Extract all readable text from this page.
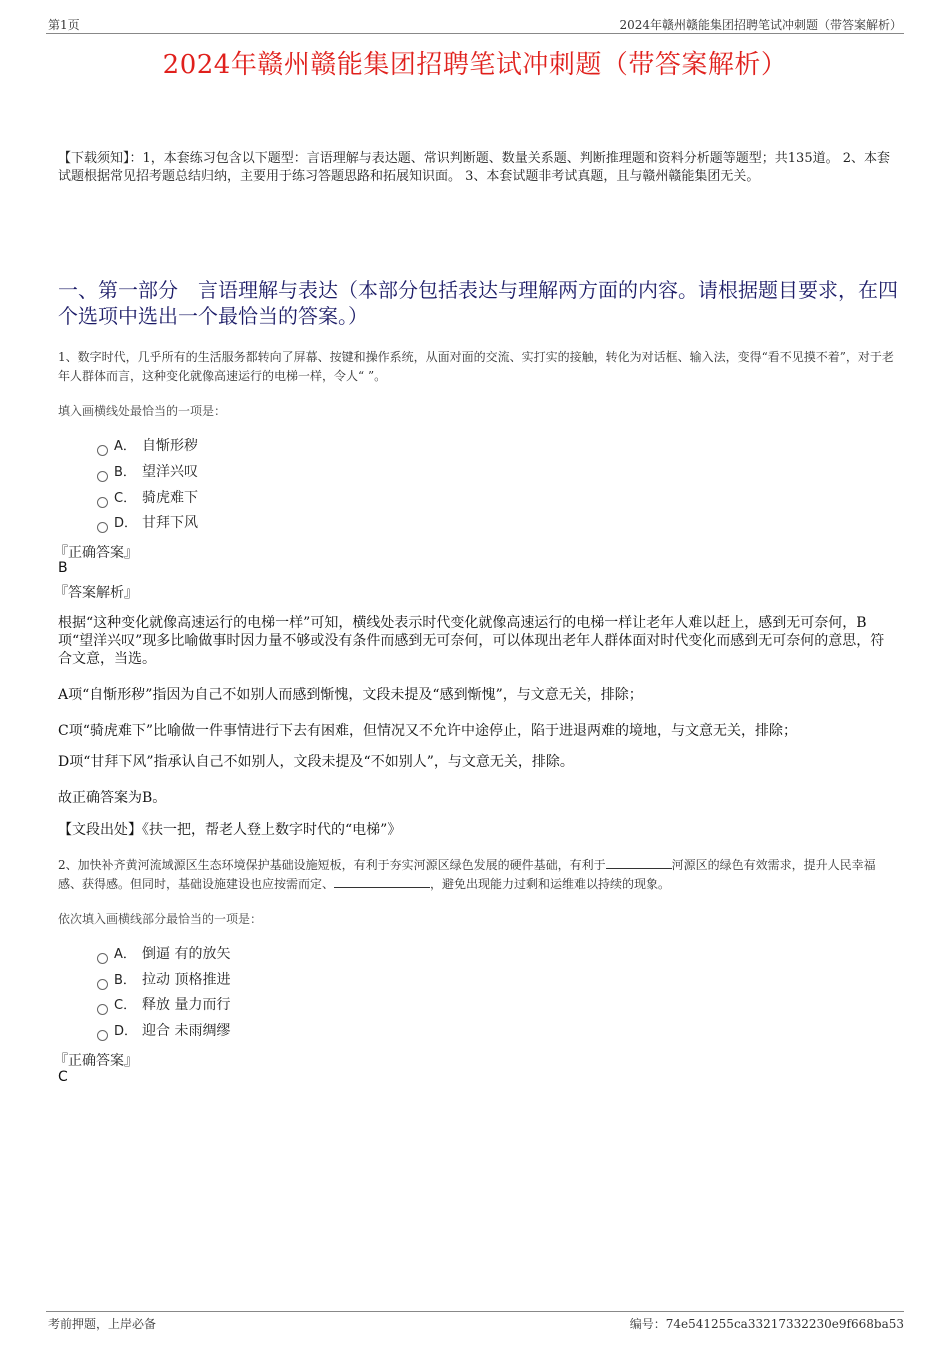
第1页	2024年赣州赣能集团招聘笔试冲刺题（带答案解析）
2024年赣州赣能集团招聘笔试冲刺题（带答案解析）
【下载须知】：1，本套练习包含以下题型：言语理解与表达题、常识判断题、数量关系题、判断推理题和资料分析题等题型；共135道。 2、本套试题根据常见招考题总结归纳，主要用于练习答题思路和拓展知识面。 3、本套试题非考试真题，且与赣州赣能集团无关。
一、第一部分　言语理解与表达（本部分包括表达与理解两方面的内容。请根据题目要求，在四个选项中选出一个最恰当的答案。）
1、数字时代，几乎所有的生活服务都转向了屏幕、按键和操作系统，从面对面的交流、实打实的接触，转化为对话框、输入法，变得“看不见摸不着”，对于老年人群体而言，这种变化就像高速运行的电梯一样，令人“ ”。
填入画横线处最恰当的一项是：
A． 自惭形秽
B． 望洋兴叹
C． 骑虎难下
D． 甘拜下风
『正确答案』
B
『答案解析』
根据“这种变化就像高速运行的电梯一样”可知，横线处表示时代变化就像高速运行的电梯一样让老年人难以赶上，感到无可奈何，B项“望洋兴叹”现多比喻做事时因力量不够或没有条件而感到无可奈何，可以体现出老年人群体面对时代变化而感到无可奈何的意思，符合文意，当选。
A项“自惭形秽”指因为自己不如别人而感到惭愧，文段未提及“感到惭愧”，与文意无关，排除；
C项“骑虎难下”比喻做一件事情进行下去有困难，但情况又不允许中途停止，陷于进退两难的境地，与文意无关，排除；
D项“甘拜下风”指承认自己不如别人，文段未提及“不如别人”，与文意无关，排除。
故正确答案为B。
【文段出处】《扶一把，帮老人登上数字时代的“电梯”》
2、加快补齐黄河流域源区生态环境保护基础设施短板，有利于夯实河源区绿色发展的硬件基础，有利于	河源区的绿色有效需求，提升人民幸福感、获得感。但同时，基础设施建设也应按需而定、	，避免出现能力过剩和运维难以持续的现象。
依次填入画横线部分最恰当的一项是：
A． 倒逼 有的放矢
B． 拉动 顶格推进
C． 释放 量力而行
D． 迎合 未雨绸缪
『正确答案』
C
考前押题，上岸必备	编号：74e541255ca33217332230e9f668ba53
